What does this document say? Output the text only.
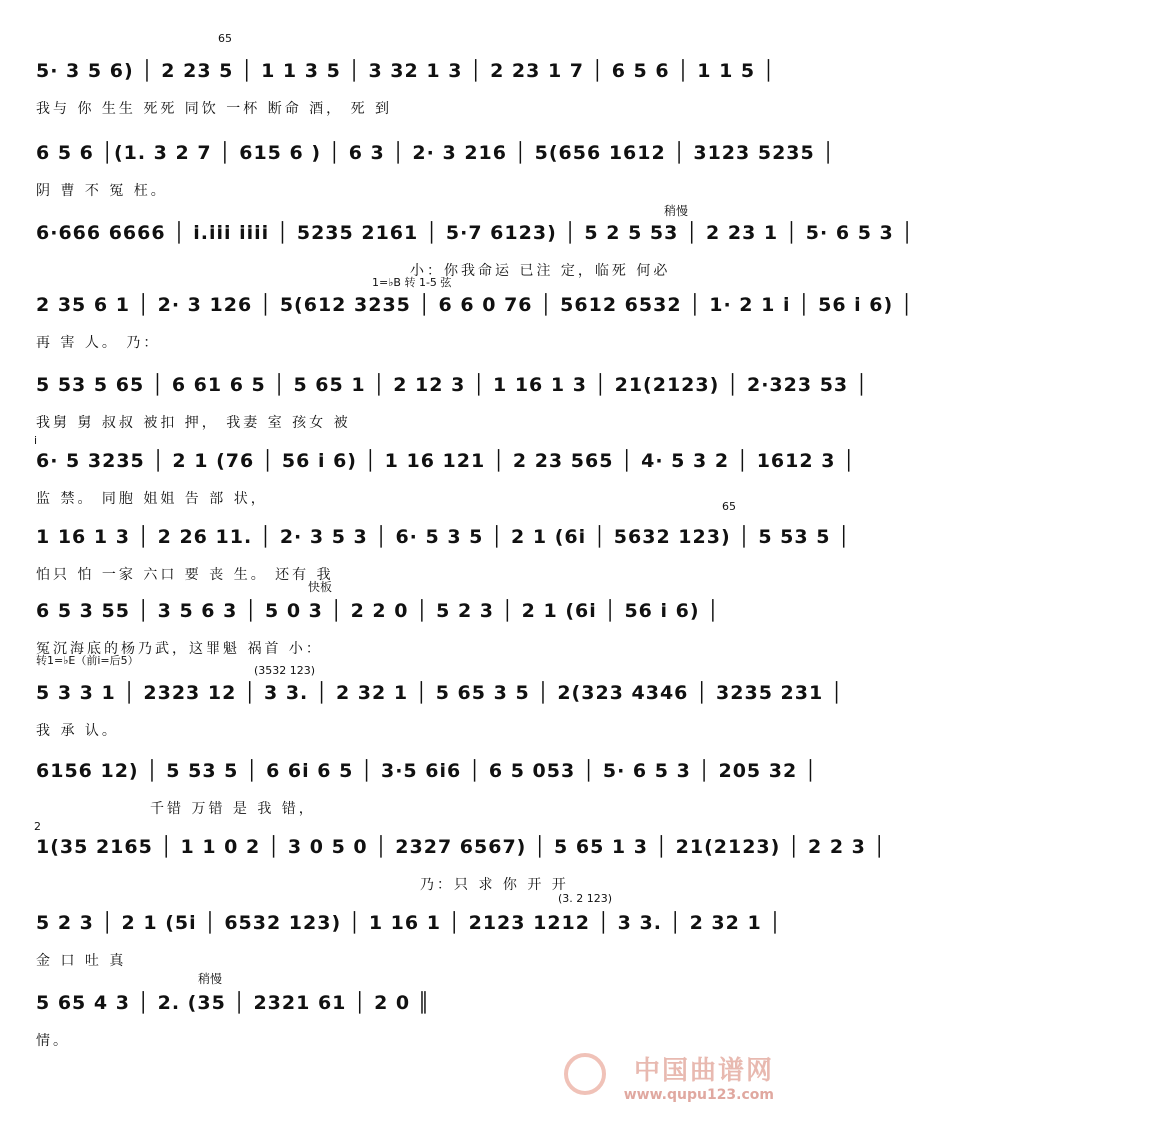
5· 3 5 6) │ 2 23 5 │ 1 1 3 5 │ 3 32 1 3 │ 2 23 1 7 │ 6 5 6 │ 1 1 5 │
我与 你 生生 死死 同饮 一杯 断命 酒， 死 到
65
6 5 6 │(1. 3 2 7 │ 615 6 ) │ 6 3 │ 2· 3 216 │ 5(656 1612 │ 3123 5235 │
阴 曹 不 冤 枉。
稍慢
6·666 6666 │ i.iii iiii │ 5235 2161 │ 5·7 6123) │ 5 2 5 53 │ 2 23 1 │ 5· 6 5 3 │
小：你我命运 已注 定，临死 何必
1=♭B 转 1-5 弦
2 35 6 1 │ 2· 3 126 │ 5(612 3235 │ 6 6 0 76 │ 5612 6532 │ 1· 2 1 i │ 56 i 6) │
再 害 人。 乃：
5 53 5 65 │ 6 61 6 5 │ 5 65 1 │ 2 12 3 │ 1 16 1 3 │ 21(2123) │ 2·323 53 │
我舅 舅 叔叔 被扣 押， 我妻 室 孩女 被
i
6· 5 3235 │ 2 1 (76 │ 56 i 6) │ 1 16 121 │ 2 23 565 │ 4· 5 3 2 │ 1612 3 │
监 禁。 同胞 姐姐 告 部 状，	65
1 16 1 3 │ 2 26 11. │ 2· 3 5 3 │ 6· 5 3 5 │ 2 1 (6i │ 5632 123) │ 5 53 5 │
怕只 怕 一家 六口 要 丧 生。 还有 我
快板
6 5 3 55 │ 3 5 6 3 │ 5 0 3 │ 2 2 0 │ 5 2 3 │ 2 1 (6i │ 56 i 6) │
冤沉海底的杨乃武，这罪魁 祸首 小：
转1=♭E（前i=后5）
(3532 123)
5 3 3 1 │ 2323 12 │ 3 3. │ 2 32 1 │ 5 65 3 5 │ 2(323 4346 │ 3235 231 │
我 承 认。
6156 12) │ 5 53 5 │ 6 6i 6 5 │ 3·5 6i6 │ 6 5 053 │ 5· 6 5 3 │ 205 32 │
千错 万错 是 我 错，
2
1(35 2165 │ 1 1 0 2 │ 3 0 5 0 │ 2327 6567) │ 5 65 1 3 │ 21(2123) │ 2 2 3 │
乃：只 求 你 开 开
(3. 2 123)
5 2 3 │ 2 1 (5i │ 6532 123) │ 1 16 1 │ 2123 1212 │ 3 3. │ 2 32 1 │
金 口 吐 真
稍慢
5 65 4 3 │ 2. (35 │ 2321 61 │ 2 0 ║
情。
中国曲谱网
www.qupu123.com
